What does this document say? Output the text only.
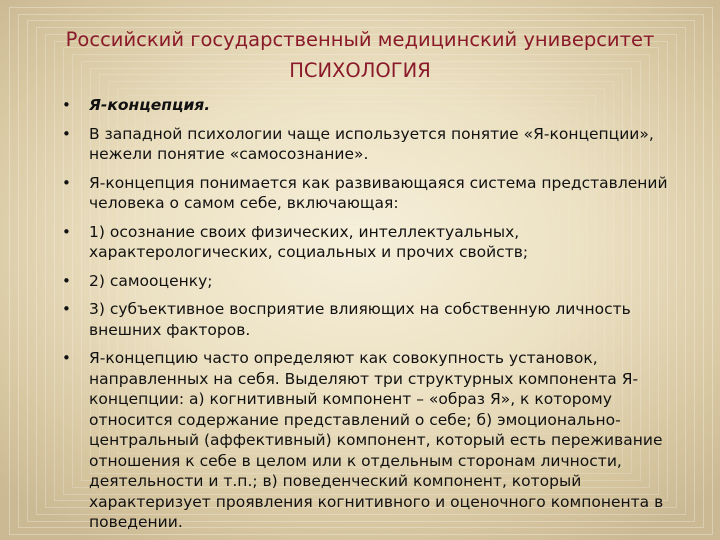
Российский государственный медицинский университет
ПСИХОЛОГИЯ
• Я-концепция.
• В западной психологии чаще используется понятие «Я-концепции», нежели понятие «самосознание».
• Я-концепция понимается как развивающаяся система представлений человека о самом себе, включающая:
• 1) осознание своих физических, интеллектуальных, характерологических, социальных и прочих свойств;
• 2) самооценку;
• 3) субъективное восприятие влияющих на собственную личность внешних факторов.
• Я-концепцию часто определяют как совокупность установок, направленных на себя. Выделяют три структурных компонента Я-концепции: а) когнитивный компонент – «образ Я», к которому относится содержание представлений о себе; б) эмоционально-центральный (аффективный) компонент, который есть переживание отношения к себе в целом или к отдельным сторонам личности, деятельности и т.п.; в) поведенческий компонент, который характеризует проявления когнитивного и оценочного компонента в поведении.
